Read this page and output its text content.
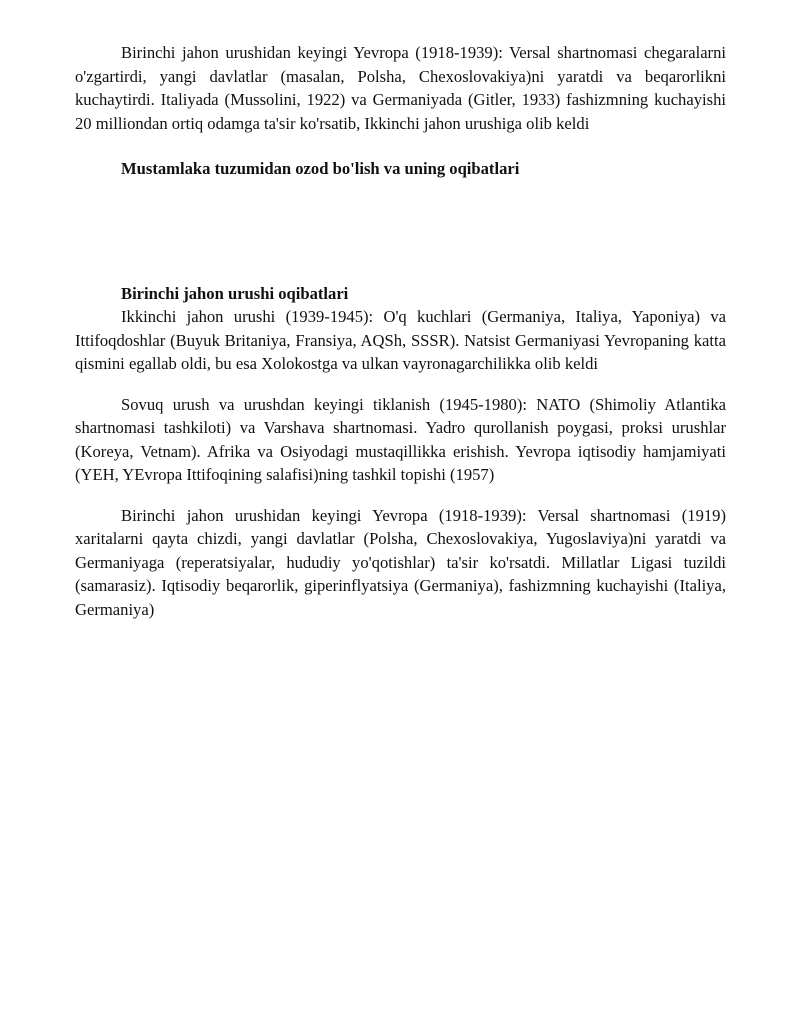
Birinchi jahon urushidan keyingi Yevropa (1918-1939): Versal shartnomasi chegaralarni o'zgartirdi, yangi davlatlar (masalan, Polsha, Chexoslovakiya)ni yaratdi va beqarorlikni kuchaytirdi. Italiyada (Mussolini, 1922) va Germaniyada (Gitler, 1933) fashizmning kuchayishi 20 milliondan ortiq odamga ta'sir ko'rsatib, Ikkinchi jahon urushiga olib keldi

Mustamlaka tuzumidan ozod bo'lish va uning oqibatlari

Birinchi jahon urushi oqibatlari

Ikkinchi jahon urushi (1939-1945): O'q kuchlari (Germaniya, Italiya, Yaponiya) va Ittifoqdoshlar (Buyuk Britaniya, Fransiya, AQSh, SSSR). Natsist Germaniyasi Yevropaning katta qismini egallab oldi, bu esa Xolokostga va ulkan vayronagarchilikka olib keldi

Sovuq urush va urushdan keyingi tiklanish (1945-1980): NATO (Shimoliy Atlantika shartnomasi tashkiloti) va Varshava shartnomasi. Yadro qurollanish poygasi, proksi urushlar (Koreya, Vetnam). Afrika va Osiyodagi mustaqillikka erishish. Yevropa iqtisodiy hamjamiyati (YEH, YEvropa Ittifoqining salafisi)ning tashkil topishi (1957)

Birinchi jahon urushidan keyingi Yevropa (1918-1939): Versal shartnomasi (1919) xaritalarni qayta chizdi, yangi davlatlar (Polsha, Chexoslovakiya, Yugoslaviya)ni yaratdi va Germaniyaga (reperatsiyalar, hududiy yo'qotishlar) ta'sir ko'rsatdi. Millatlar Ligasi tuzildi (samarasiz). Iqtisodiy beqarorlik, giperinflyatsiya (Germaniya), fashizmning kuchayishi (Italiya, Germaniya)
